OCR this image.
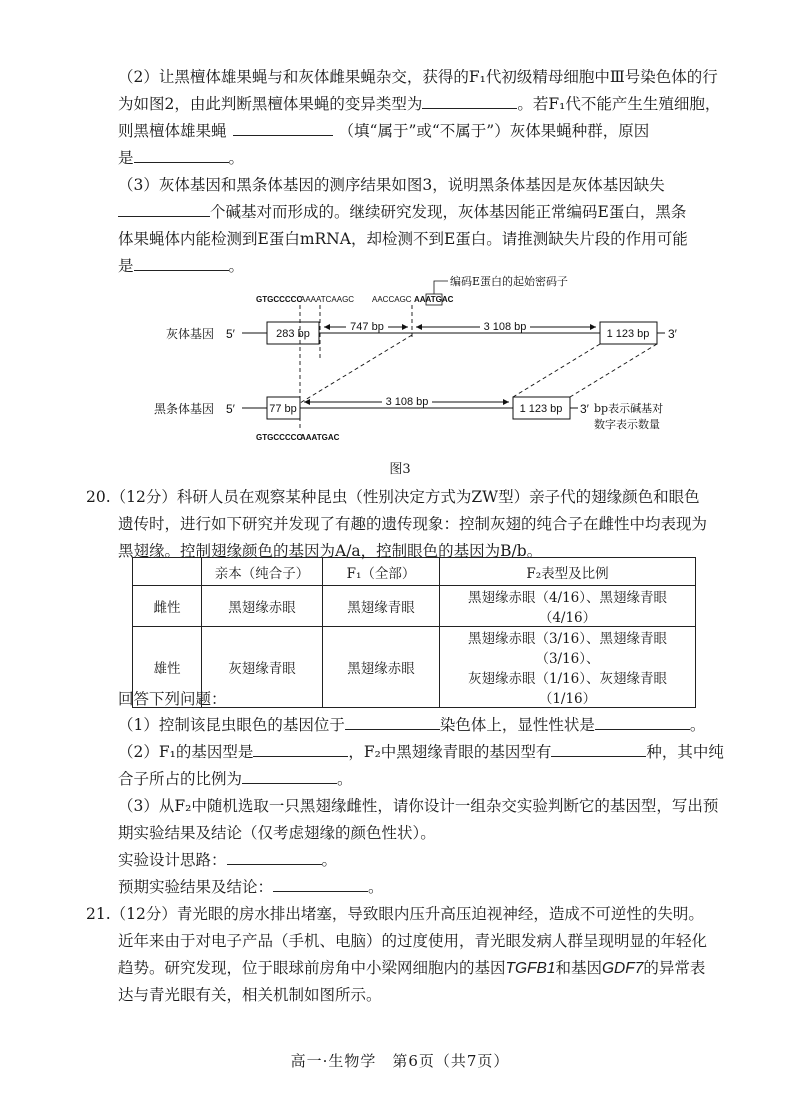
（2）让黑檀体雄果蝇与和灰体雌果蝇杂交，获得的F₁代初级精母细胞中Ⅲ号染色体的行
为如图2，由此判断黑檀体果蝇的变异类型为	。若F₁代不能产生生殖细胞，
则黑檀体雄果蝇	（填“属于”或“不属于”）灰体果蝇种群，原因
是	。
（3）灰体基因和黑条体基因的测序结果如图3，说明黑条体基因是灰体基因缺失
个碱基对而形成的。继续研究发现，灰体基因能正常编码E蛋白，黑条
体果蝇体内能检测到E蛋白mRNA，却检测不到E蛋白。请推测缺失片段的作用可能
是	。
GTGCCCCC
AAAATCAAGC AACCAGC AAATGAC
编码E蛋白的起始密码子
灰体基因 5′	283 bp	1 123 bp 3′
747 bp	3 108 bp
黑条体基因 5′	77 bp
3 108 bp
1 123 bp 3′ bp表示碱基对
数字表示数量
GTGCCCCC
AAATGAC
图3
20.（12分）科研人员在观察某种昆虫（性别决定方式为ZW型）亲子代的翅缘颜色和眼色
遗传时，进行如下研究并发现了有趣的遗传现象：控制灰翅的纯合子在雌性中均表现为
黑翅缘。控制翅缘颜色的基因为A/a，控制眼色的基因为B/b。
	亲本（纯合子）	F₁（全部）	F₂表型及比例
雌性	黑翅缘赤眼	黑翅缘青眼	黑翅缘赤眼（4/16）、黑翅缘青眼（4/16）
雄性	灰翅缘青眼	黑翅缘赤眼	黑翅缘赤眼（3/16）、黑翅缘青眼（3/16）、
灰翅缘赤眼（1/16）、灰翅缘青眼（1/16）
回答下列问题：
（1）控制该昆虫眼色的基因位于	染色体上，显性性状是	。
（2）F₁的基因型是	，F₂中黑翅缘青眼的基因型有	种，其中纯
合子所占的比例为	。
（3）从F₂中随机选取一只黑翅缘雌性，请你设计一组杂交实验判断它的基因型，写出预
期实验结果及结论（仅考虑翅缘的颜色性状）。
实验设计思路：	。
预期实验结果及结论：	。
21.（12分）青光眼的房水排出堵塞，导致眼内压升高压迫视神经，造成不可逆性的失明。
近年来由于对电子产品（手机、电脑）的过度使用，青光眼发病人群呈现明显的年轻化
趋势。研究发现，位于眼球前房角中小梁网细胞内的基因TGFB1和基因GDF7的异常表
达与青光眼有关，相关机制如图所示。
高一·生物学　第6页（共7页）
